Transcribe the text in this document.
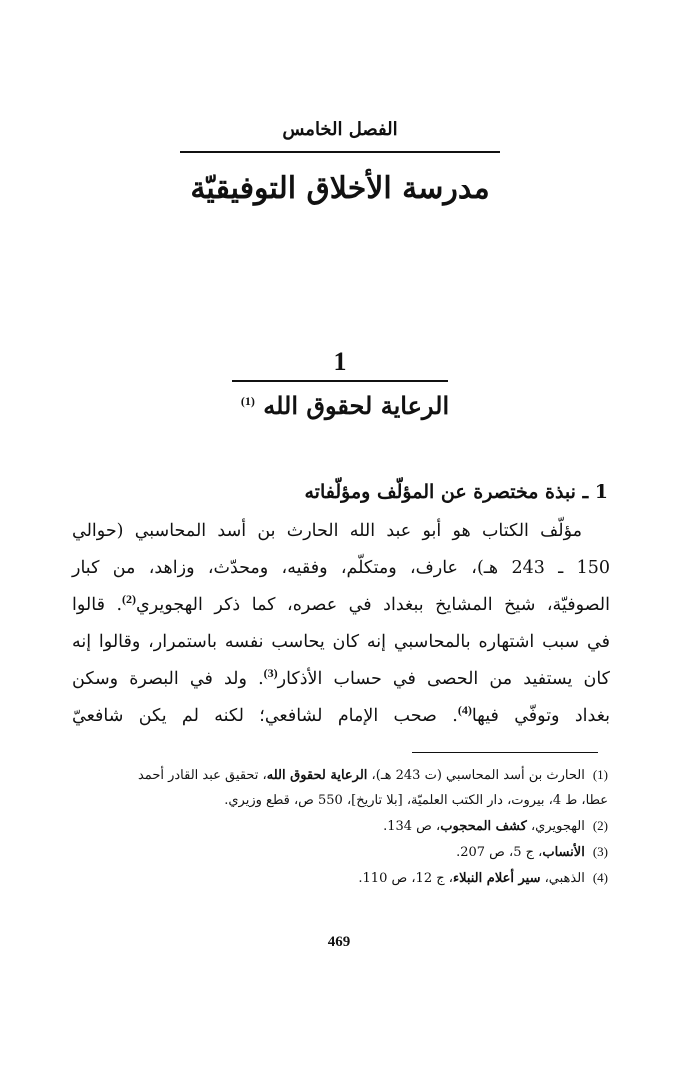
الفصل الخامس
مدرسة الأخلاق التوفيقيّة
1
الرعاية لحقوق الله $^{(1)}$
1 ـ نبذة مختصرة عن المؤلّف ومؤلّفاته
مؤلّف الكتاب هو أبو عبد الله الحارث بن أسد المحاسبي (حوالي
150 ـ 243 هـ)، عارف، ومتكلّم، وفقيه، ومحدّث، وزاهد، من كبار
الصوفيّة، شيخ المشايخ ببغداد في عصره، كما ذكر الهجويري$^{(2)}$. قالوا
في سبب اشتهاره بالمحاسبي إنه كان يحاسب نفسه باستمرار، وقالوا إنه
كان يستفيد من الحصى في حساب الأذكار$^{(3)}$. ولد في البصرة وسكن
بغداد وتوفّي فيها$^{(4)}$. صحب الإمام لشافعي؛ لكنه لم يكن شافعيّ
(1)الحارث بن أسد المحاسبي (ت 243 هـ)، الرعاية لحقوق الله، تحقيق عبد القادر أحمد
عطا، ط 4، بيروت، دار الكتب العلميّة، [بلا تاريخ]، 550 ص، قطع وزيري.
(2)الهجويري، كشف المحجوب، ص 134.
(3)الأنساب، ج 5، ص 207.
(4)الذهبي، سير أعلام النبلاء، ج 12، ص 110.
469
